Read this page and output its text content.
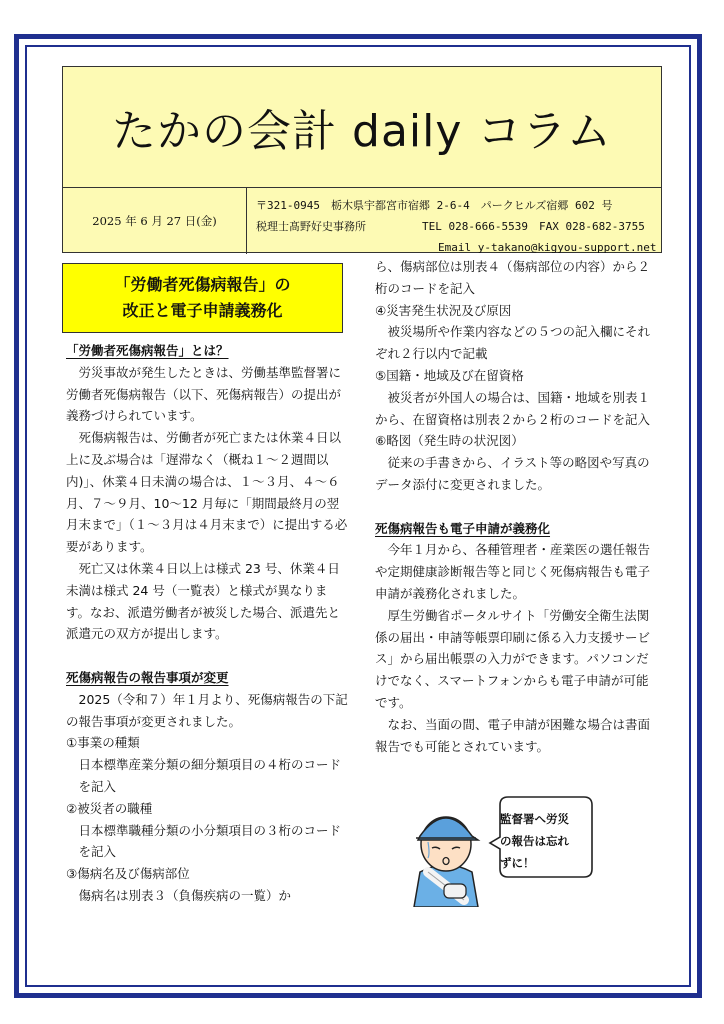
たかの会計 daily コラム
2025 年 6 月 27 日(金)
〒321-0945　栃木県宇都宮市宿郷 2-6-4　パークヒルズ宿郷 602 号
税理士髙野好史事務所	TEL 028-666-5539　FAX 028-682-3755
Email y-takano@kigyou-support.net
「労働者死傷病報告」の
改正と電子申請義務化

「労働者死傷病報告」とは？

労災事故が発生したときは、労働基準監督署に労働者死傷病報告（以下、死傷病報告）の提出が義務づけられています。

死傷病報告は、労働者が死亡または休業４日以上に及ぶ場合は「遅滞なく（概ね１～２週間以内)」、休業４日未満の場合は、１～３月、４～６月、７～９月、10～12 月毎に「期間最終月の翌月末まで」（１～３月は４月末まで）に提出する必要があります。

死亡又は休業４日以上は様式 23 号、休業４日未満は様式 24 号（一覧表）と様式が異なります。なお、派遣労働者が被災した場合、派遣先と派遣元の双方が提出します。

死傷病報告の報告事項が変更

2025（令和７）年１月より、死傷病報告の下記の報告事項が変更されました。

①事業の種類

日本標準産業分類の細分類項目の４桁のコードを記入

②被災者の職種

日本標準職種分類の小分類項目の３桁のコードを記入

③傷病名及び傷病部位

傷病名は別表３（負傷疾病の一覧）か

ら、傷病部位は別表４（傷病部位の内容）から２桁のコードを記入

④災害発生状況及び原因

被災場所や作業内容などの５つの記入欄にそれぞれ２行以内で記載

⑤国籍・地域及び在留資格

被災者が外国人の場合は、国籍・地域を別表１から、在留資格は別表２から２桁のコードを記入

⑥略図（発生時の状況図）

従来の手書きから、イラスト等の略図や写真のデータ添付に変更されました。

死傷病報告も電子申請が義務化

今年１月から、各種管理者・産業医の選任報告や定期健康診断報告等と同じく死傷病報告も電子申請が義務化されました。

厚生労働省ポータルサイト「労働安全衛生法関係の届出・申請等帳票印刷に係る入力支援サービス」から届出帳票の入力ができます。パソコンだけでなく、スマートフォンからも電子申請が可能です。

なお、当面の間、電子申請が困難な場合は書面報告でも可能とされています。

監督署へ労災
の報告は忘れ
ずに！
